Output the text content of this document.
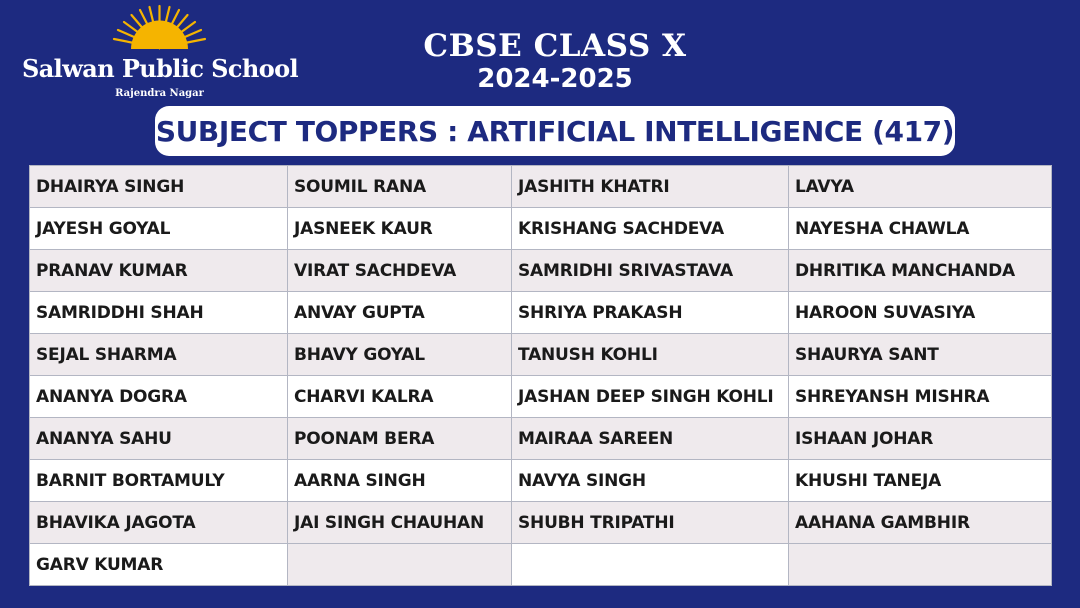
Salwan Public School
Rajendra Nagar
CBSE CLASS X
2024-2025
SUBJECT TOPPERS : ARTIFICIAL INTELLIGENCE (417)
DHAIRYA SINGH	SOUMIL RANA	JASHITH KHATRI	LAVYA
JAYESH GOYAL	JASNEEK KAUR	KRISHANG SACHDEVA	NAYESHA CHAWLA
PRANAV KUMAR	VIRAT SACHDEVA	SAMRIDHI SRIVASTAVA	DHRITIKA MANCHANDA
SAMRIDDHI SHAH	ANVAY GUPTA	SHRIYA PRAKASH	HAROON SUVASIYA
SEJAL SHARMA	BHAVY GOYAL	TANUSH KOHLI	SHAURYA SANT
ANANYA DOGRA	CHARVI KALRA	JASHAN DEEP SINGH KOHLI	SHREYANSH MISHRA
ANANYA SAHU	POONAM BERA	MAIRAA SAREEN	ISHAAN JOHAR
BARNIT BORTAMULY	AARNA SINGH	NAVYA SINGH	KHUSHI TANEJA
BHAVIKA JAGOTA	JAI SINGH CHAUHAN	SHUBH TRIPATHI	AAHANA GAMBHIR
GARV KUMAR			
